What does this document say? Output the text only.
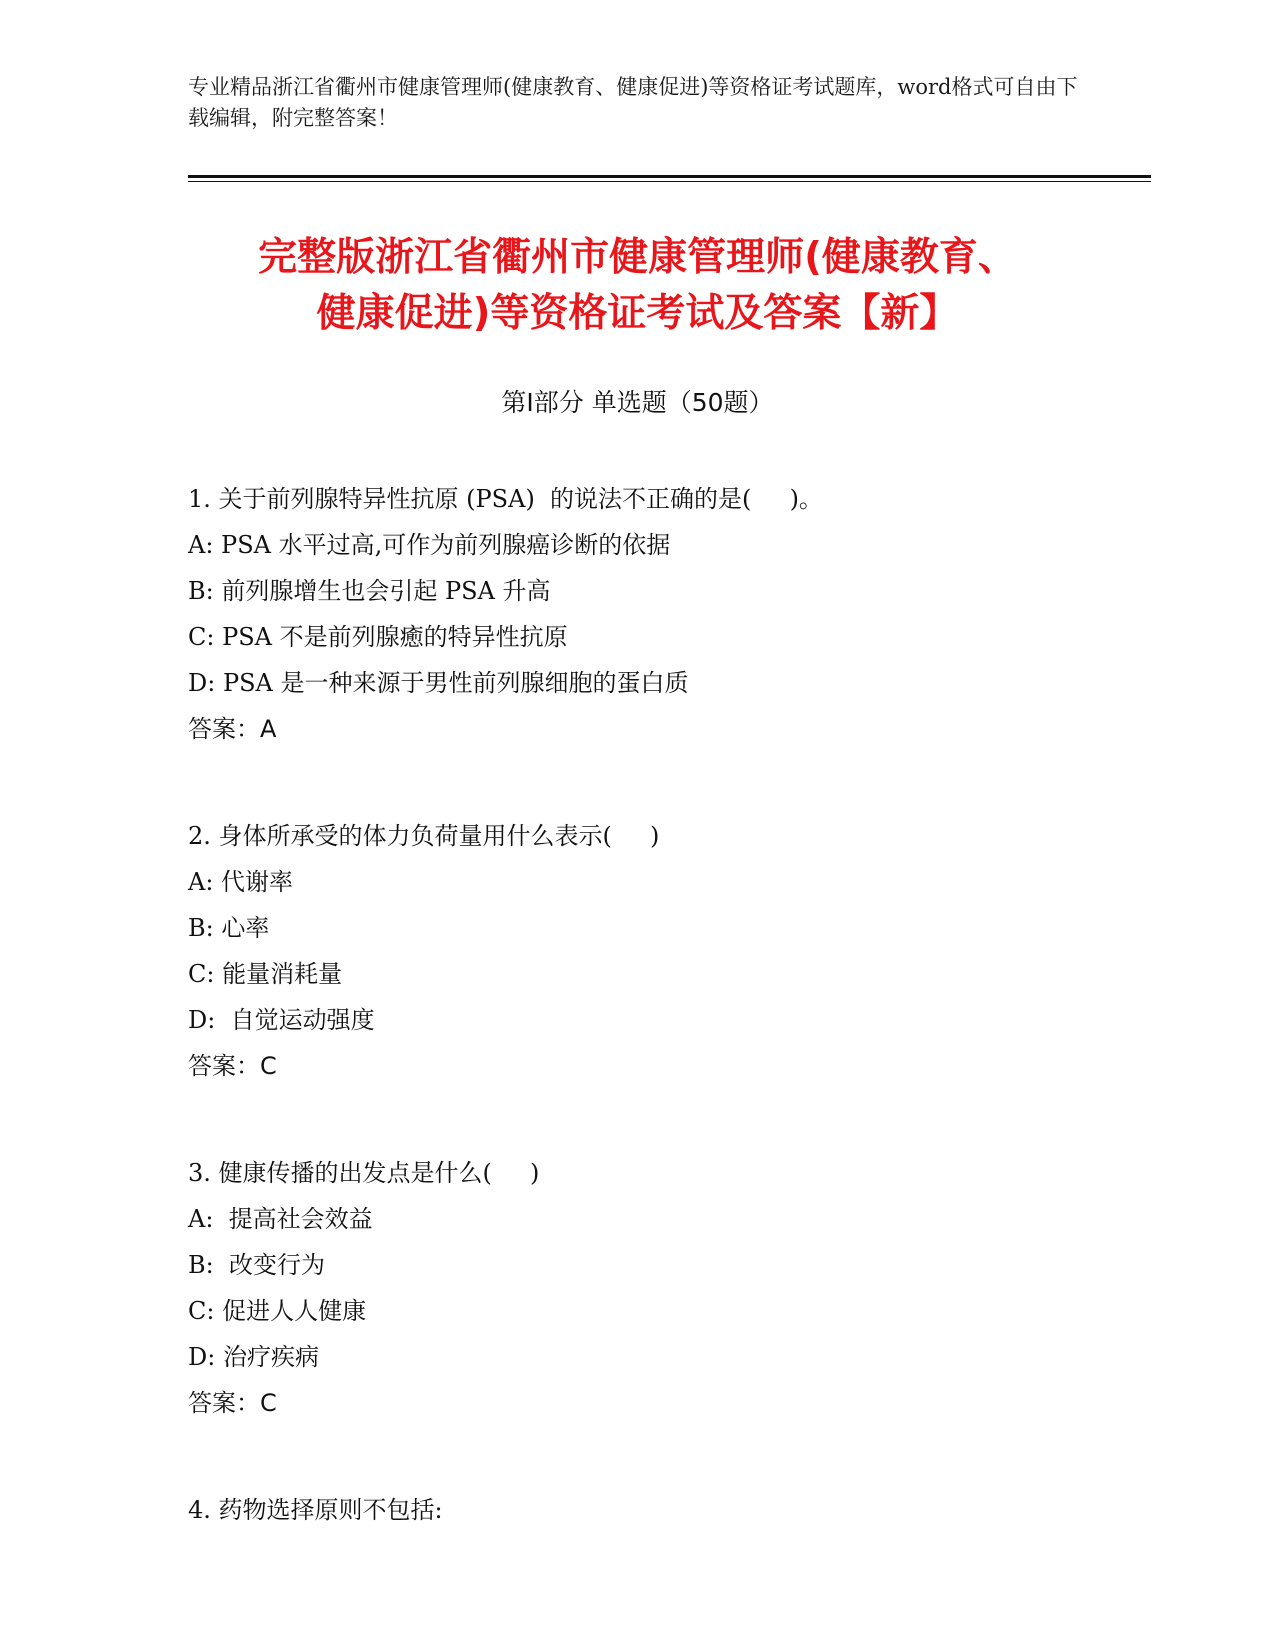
专业精品浙江省衢州市健康管理师(健康教育、健康促进)等资格证考试题库，word格式可自由下载编辑，附完整答案！
完整版浙江省衢州市健康管理师(健康教育、
健康促进)等资格证考试及答案【新】
第Ⅰ部分 单选题（50题）
1. 关于前列腺特异性抗原 (PSA)  的说法不正确的是(     )。
A: PSA 水平过高,可作为前列腺癌诊断的依据
B: 前列腺增生也会引起 PSA 升高
C: PSA 不是前列腺癒的特异性抗原
D: PSA 是一种来源于男性前列腺细胞的蛋白质
答案：A
2. 身体所承受的体力负荷量用什么表示(     )
A: 代谢率
B: 心率
C: 能量消耗量
D:  自觉运动强度
答案：C
3. 健康传播的出发点是什么(     )
A:  提高社会效益
B:  改变行为
C: 促进人人健康
D: 治疗疾病
答案：C
4. 药物选择原则不包括:
